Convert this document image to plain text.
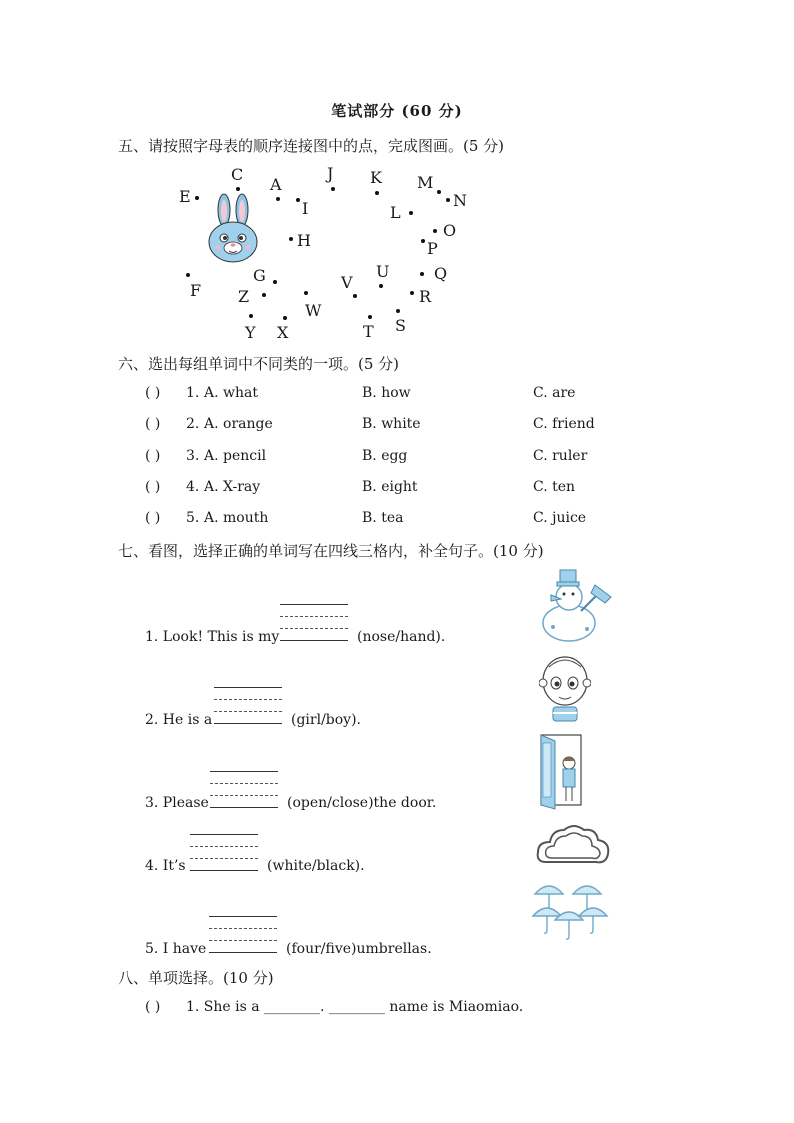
笔试部分 (60 分)
五、请按照字母表的顺序连接图中的点，完成图画。(5 分)
C
A
J K M
E
I	L
N
O
H	P
G	U	Q
V
F Z	R
W
Y X	T S
六、选出每组单词中不同类的一项。(5 分)
( ) 1. A. what	B. how	C. are
( ) 2. A. orange	B. white	C. friend
( ) 3. A. pencil	B. egg	C. ruler
( ) 4. A. X-ray	B. eight	C. ten
( ) 5. A. mouth	B. tea	C. juice
七、看图，选择正确的单词写在四线三格内，补全句子。(10 分)
1. Look! This is my	(nose/hand).
2. He is a	(girl/boy).
3. Please	(open/close)the door.
4. It’s	(white/black).
5. I have	(four/five)umbrellas.
八、单项选择。(10 分)
( ) 1. She is a ________. ________ name is Miaomiao.
